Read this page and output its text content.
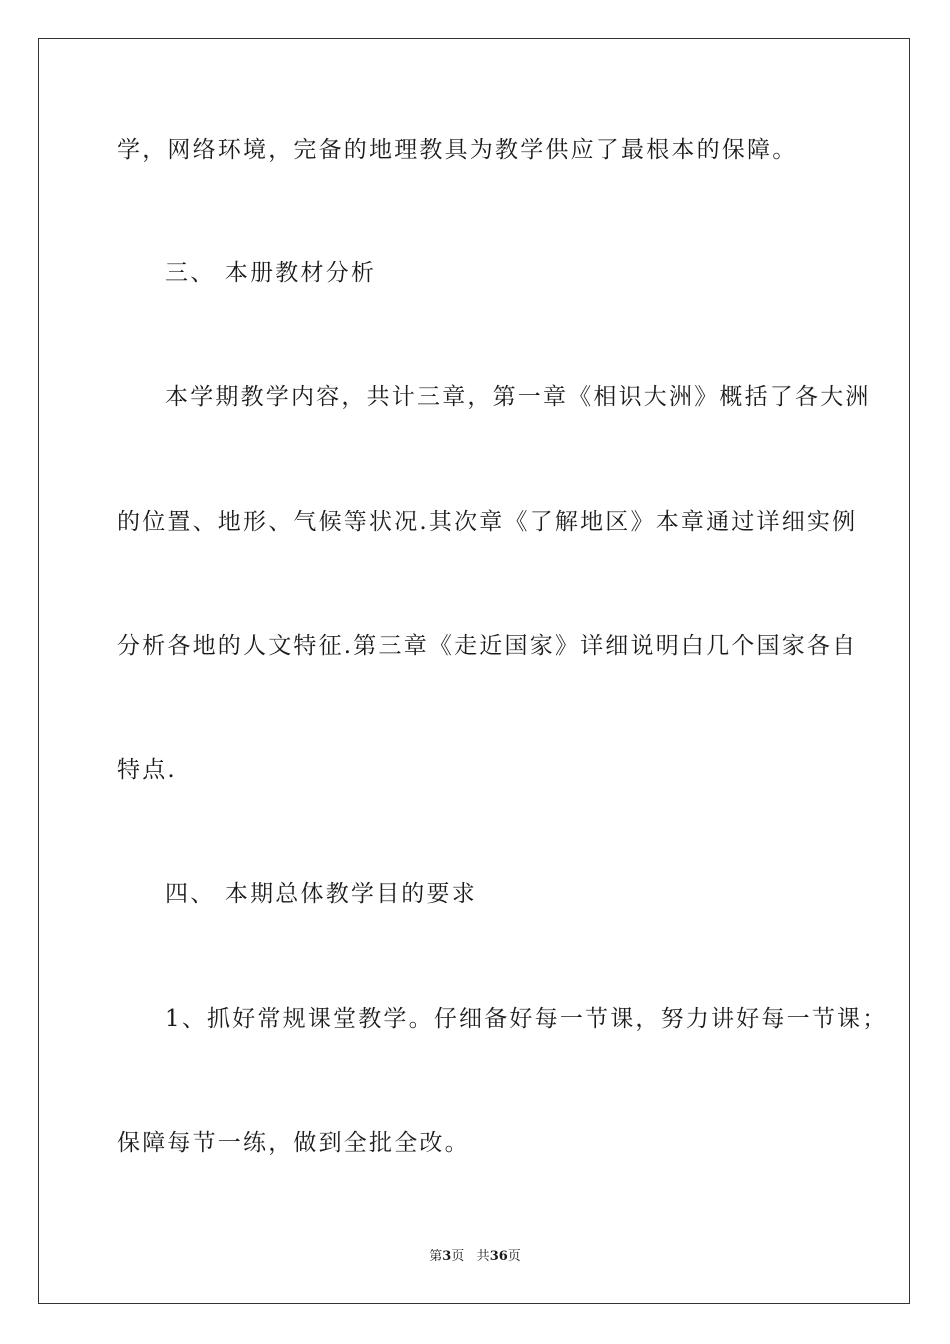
学，网络环境，完备的地理教具为教学供应了最根本的保障。
三、 本册教材分析
本学期教学内容，共计三章，第一章《相识大洲》概括了各大洲
的位置、地形、气候等状况.其次章《了解地区》本章通过详细实例
分析各地的人文特征.第三章《走近国家》详细说明白几个国家各自
特点.
四、 本期总体教学目的要求
1、抓好常规课堂教学。仔细备好每一节课，努力讲好每一节课；
保障每节一练，做到全批全改。
第3页 共36页
